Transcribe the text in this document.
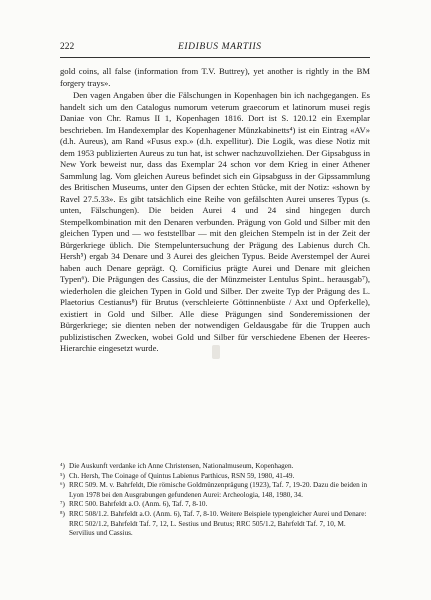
222	EIDIBUS MARTIIS

gold coins, all false (information from T.V. Buttrey), yet another is rightly in the BM forgery trays».

Den vagen Angaben über die Fälschungen in Kopenhagen bin ich nachgegangen. Es handelt sich um den Catalogus numorum veterum graecorum et latinorum musei regis Daniae von Chr. Ramus II 1, Kopenhagen 1816. Dort ist S. 120.12 ein Exemplar beschrieben. Im Handexemplar des Kopenhagener Münzkabinetts⁴) ist ein Eintrag «AV» (d.h. Aureus), am Rand «Fusus exp.» (d.h. expellitur). Die Logik, was diese Notiz mit dem 1953 publizierten Aureus zu tun hat, ist schwer nachzuvollziehen. Der Gipsabguss in New York beweist nur, dass das Exemplar 24 schon vor dem Krieg in einer Athener Sammlung lag. Vom gleichen Aureus befindet sich ein Gipsabguss in der Gipssammlung des Britischen Museums, unter den Gipsen der echten Stücke, mit der Notiz: «shown by Ravel 27.5.33». Es gibt tatsächlich eine Reihe von gefälschten Aurei unseres Typus (s. unten, Fälschungen). Die beiden Aurei 4 und 24 sind hingegen durch Stempelkombination mit den Denaren verbunden. Prägung von Gold und Silber mit den gleichen Typen und — wo feststellbar — mit den gleichen Stempeln ist in der Zeit der Bürgerkriege üblich. Die Stempeluntersuchung der Prägung des Labienus durch Ch. Hersh⁵) ergab 34 Denare und 3 Aurei des gleichen Typus. Beide Averstempel der Aurei haben auch Denare geprägt. Q. Cornificius prägte Aurei und Denare mit gleichen Typen⁶). Die Prägungen des Cassius, die der Münzmeister Lentulus Spint.. herausgab⁷), wiederholen die gleichen Typen in Gold und Silber. Der zweite Typ der Prägung des L. Plaetorius Cestianus⁸) für Brutus (verschleierte Göttinnenbüste / Axt und Opferkelle), existiert in Gold und Silber. Alle diese Prägungen sind Sonderemissionen der Bürgerkriege; sie dienten neben der notwendigen Geldausgabe für die Truppen auch publizistischen Zwecken, wobei Gold und Silber für verschiedene Ebenen der Heeres-Hierarchie eingesetzt wurde.

⁴) Die Auskunft verdanke ich Anne Christensen, Nationalmuseum, Kopenhagen.

⁵) Ch. Hersh, The Coinage of Quintus Labienus Parthicus, RSN 59, 1980, 41-49.

⁶) RRC 509. M. v. Bahrfeldt, Die römische Goldmünzenprägung (1923), Taf. 7, 19-20. Dazu die beiden in Lyon 1978 bei den Ausgrabungen gefundenen Aurei: Archeologia, 148, 1980, 34.

⁷) RRC 500. Bahrfeldt a.O. (Anm. 6), Taf. 7, 8-10.

⁸) RRC 508/1.2. Bahrfeldt a.O. (Anm. 6), Taf. 7, 8-10. Weitere Beispiele typengleicher Aurei und Denare: RRC 502/1.2, Bahrfeldt Taf. 7, 12, L. Sestius und Brutus; RRC 505/1.2, Bahrfeldt Taf. 7, 10, M. Servilius und Cassius.
